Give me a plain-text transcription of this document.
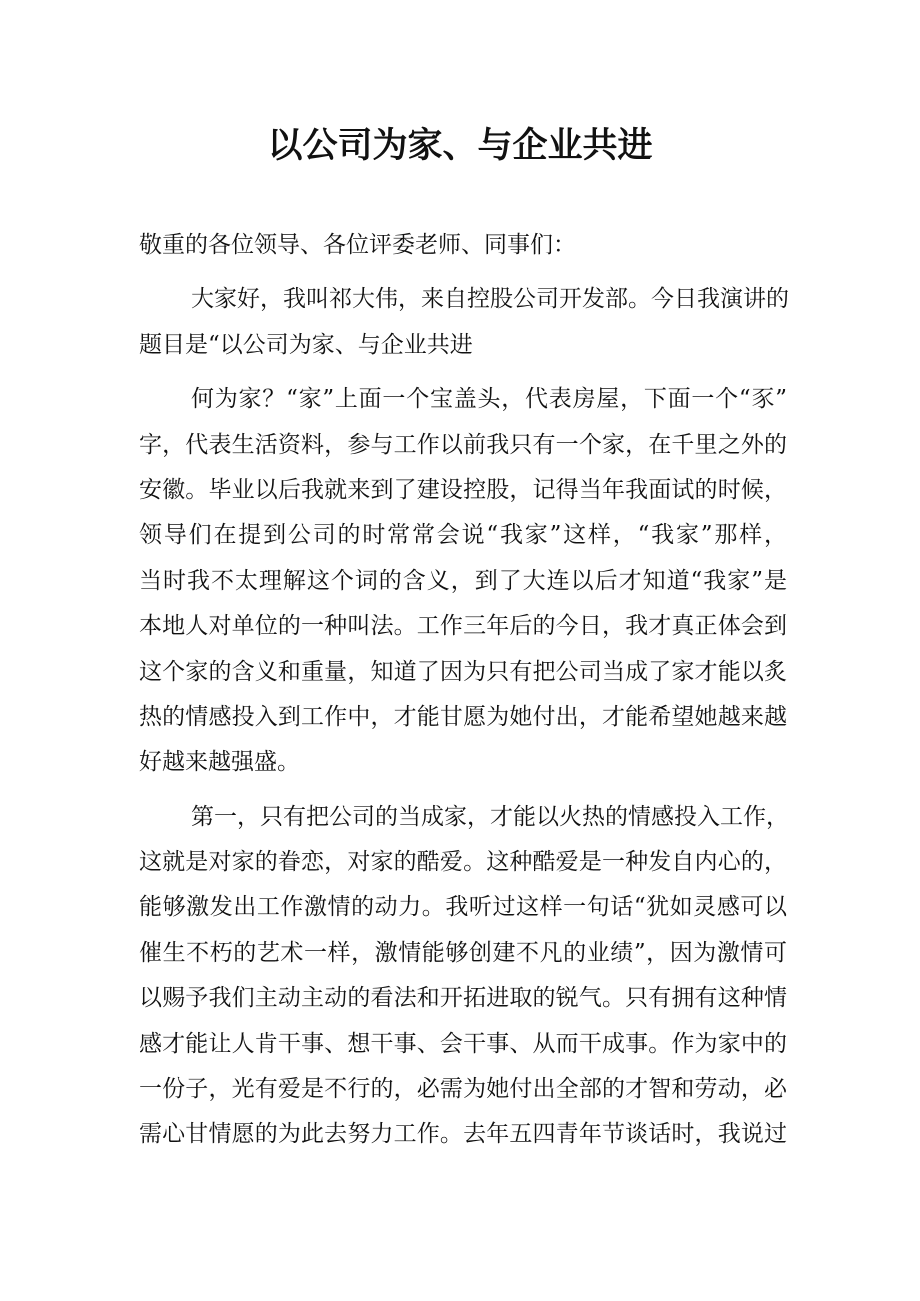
以公司为家、与企业共进
敬重的各位领导、各位评委老师、同事们：
大家好，我叫祁大伟，来自控股公司开发部。今日我演讲的
题目是“以公司为家、与企业共进
何为家？“家”上面一个宝盖头，代表房屋，下面一个“豕”
字，代表生活资料，参与工作以前我只有一个家，在千里之外的
安徽。毕业以后我就来到了建设控股，记得当年我面试的时候，
领导们在提到公司的时常常会说“我家”这样，“我家”那样，
当时我不太理解这个词的含义，到了大连以后才知道“我家”是
本地人对单位的一种叫法。工作三年后的今日，我才真正体会到
这个家的含义和重量，知道了因为只有把公司当成了家才能以炙
热的情感投入到工作中，才能甘愿为她付出，才能希望她越来越
好越来越强盛。
第一，只有把公司的当成家，才能以火热的情感投入工作，
这就是对家的眷恋，对家的酷爱。这种酷爱是一种发自内心的，
能够激发出工作激情的动力。我听过这样一句话“犹如灵感可以
催生不朽的艺术一样，激情能够创建不凡的业绩”，因为激情可
以赐予我们主动主动的看法和开拓进取的锐气。只有拥有这种情
感才能让人肯干事、想干事、会干事、从而干成事。作为家中的
一份子，光有爱是不行的，必需为她付出全部的才智和劳动，必
需心甘情愿的为此去努力工作。去年五四青年节谈话时，我说过
